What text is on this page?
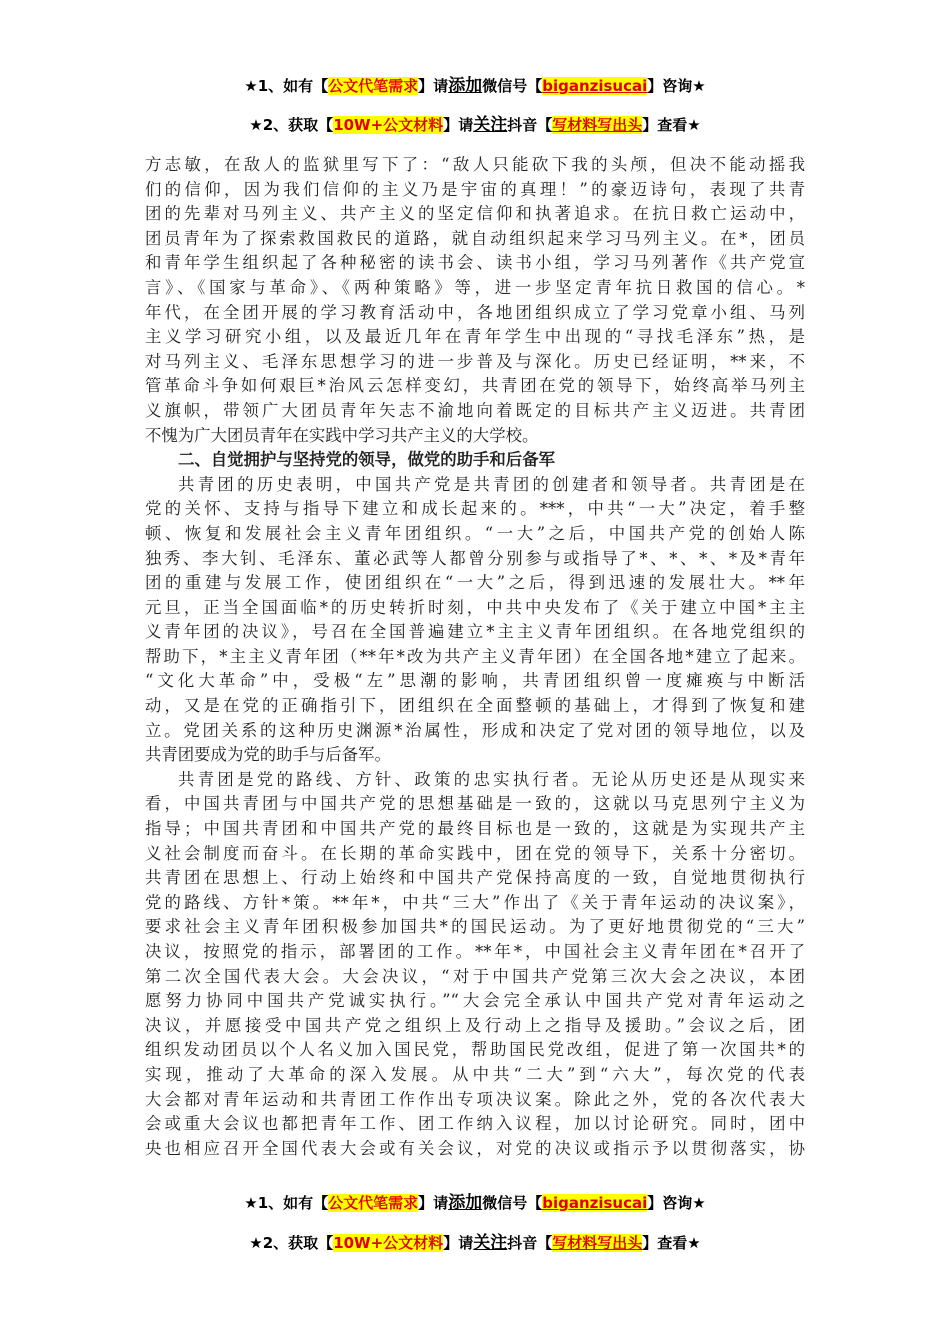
★1、如有【公文代笔需求】请添加微信号【biganzisucai】咨询★
★2、获取【10W+公文材料】请关注抖音【写材料写出头】查看★
方志敏，在敌人的监狱里写下了：“敌人只能砍下我的头颅，但决不能动摇我
们的信仰，因为我们信仰的主义乃是宇宙的真理！”的豪迈诗句，表现了共青
团的先辈对马列主义、共产主义的坚定信仰和执著追求。在抗日救亡运动中，
团员青年为了探索救国救民的道路，就自动组织起来学习马列主义。在*，团员
和青年学生组织起了各种秘密的读书会、读书小组，学习马列著作《共产党宣
言》、《国家与革命》、《两种策略》等，进一步坚定青年抗日救国的信心。*
年代，在全团开展的学习教育活动中，各地团组织成立了学习党章小组、马列
主义学习研究小组，以及最近几年在青年学生中出现的“寻找毛泽东”热，是
对马列主义、毛泽东思想学习的进一步普及与深化。历史已经证明，**来，不
管革命斗争如何艰巨*治风云怎样变幻，共青团在党的领导下，始终高举马列主
义旗帜，带领广大团员青年矢志不渝地向着既定的目标共产主义迈进。共青团
不愧为广大团员青年在实践中学习共产主义的大学校。
二、自觉拥护与坚持党的领导，做党的助手和后备军
共青团的历史表明，中国共产党是共青团的创建者和领导者。共青团是在
党的关怀、支持与指导下建立和成长起来的。***，中共“一大”决定，着手整
顿、恢复和发展社会主义青年团组织。“一大”之后，中国共产党的创始人陈
独秀、李大钊、毛泽东、董必武等人都曾分别参与或指导了*、*、*、*及*青年
团的重建与发展工作，使团组织在“一大”之后，得到迅速的发展壮大。**年
元旦，正当全国面临*的历史转折时刻，中共中央发布了《关于建立中国*主主
义青年团的决议》，号召在全国普遍建立*主主义青年团组织。在各地党组织的
帮助下，*主主义青年团（**年*改为共产主义青年团）在全国各地*建立了起来。
“文化大革命”中，受极“左”思潮的影响，共青团组织曾一度瘫痪与中断活
动，又是在党的正确指引下，团组织在全面整顿的基础上，才得到了恢复和建
立。党团关系的这种历史渊源*治属性，形成和决定了党对团的领导地位，以及
共青团要成为党的助手与后备军。
共青团是党的路线、方针、政策的忠实执行者。无论从历史还是从现实来
看，中国共青团与中国共产党的思想基础是一致的，这就以马克思列宁主义为
指导；中国共青团和中国共产党的最终目标也是一致的，这就是为实现共产主
义社会制度而奋斗。在长期的革命实践中，团在党的领导下，关系十分密切。
共青团在思想上、行动上始终和中国共产党保持高度的一致，自觉地贯彻执行
党的路线、方针*策。**年*，中共“三大”作出了《关于青年运动的决议案》，
要求社会主义青年团积极参加国共*的国民运动。为了更好地贯彻党的“三大”
决议，按照党的指示，部署团的工作。**年*，中国社会主义青年团在*召开了
第二次全国代表大会。大会决议，“对于中国共产党第三次大会之决议，本团
愿努力协同中国共产党诚实执行。”“大会完全承认中国共产党对青年运动之
决议，并愿接受中国共产党之组织上及行动上之指导及援助。”会议之后，团
组织发动团员以个人名义加入国民党，帮助国民党改组，促进了第一次国共*的
实现，推动了大革命的深入发展。从中共“二大”到“六大”，每次党的代表
大会都对青年运动和共青团工作作出专项决议案。除此之外，党的各次代表大
会或重大会议也都把青年工作、团工作纳入议程，加以讨论研究。同时，团中
央也相应召开全国代表大会或有关会议，对党的决议或指示予以贯彻落实，协
★1、如有【公文代笔需求】请添加微信号【biganzisucai】咨询★
★2、获取【10W+公文材料】请关注抖音【写材料写出头】查看★
